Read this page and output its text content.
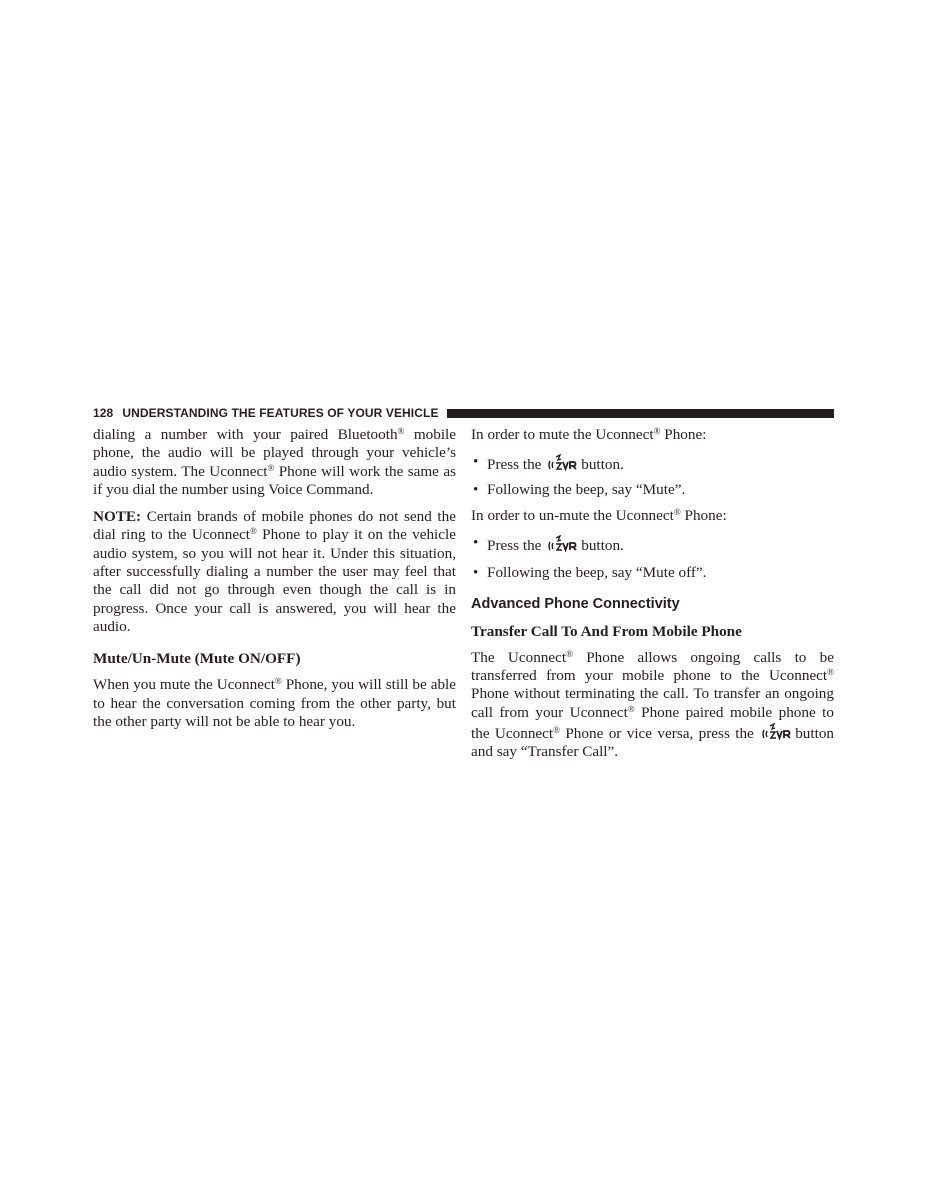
128 UNDERSTANDING THE FEATURES OF YOUR VEHICLE

dialing a number with your paired Bluetooth® mobile phone, the audio will be played through your vehicle’s audio system. The Uconnect® Phone will work the same as if you dial the number using Voice Command.

NOTE: Certain brands of mobile phones do not send the dial ring to the Uconnect® Phone to play it on the vehicle audio system, so you will not hear it. Under this situation, after successfully dialing a number the user may feel that the call did not go through even though the call is in progress. Once your call is answered, you will hear the audio.

Mute/Un-Mute (Mute ON/OFF)

When you mute the Uconnect® Phone, you will still be able to hear the conversation coming from the other party, but the other party will not be able to hear you.

In order to mute the Uconnect® Phone:

• Press the	button.
• Following the beep, say “Mute”.

In order to un-mute the Uconnect® Phone:

• Press the	button.
• Following the beep, say “Mute off”.
Advanced Phone Connectivity
Transfer Call To And From Mobile Phone

The Uconnect® Phone allows ongoing calls to be transferred from your mobile phone to the Uconnect® Phone without terminating the call. To transfer an ongoing call from your Uconnect® Phone paired mobile phone to the Uconnect® Phone or vice versa, press the	button and say “Transfer Call”.
